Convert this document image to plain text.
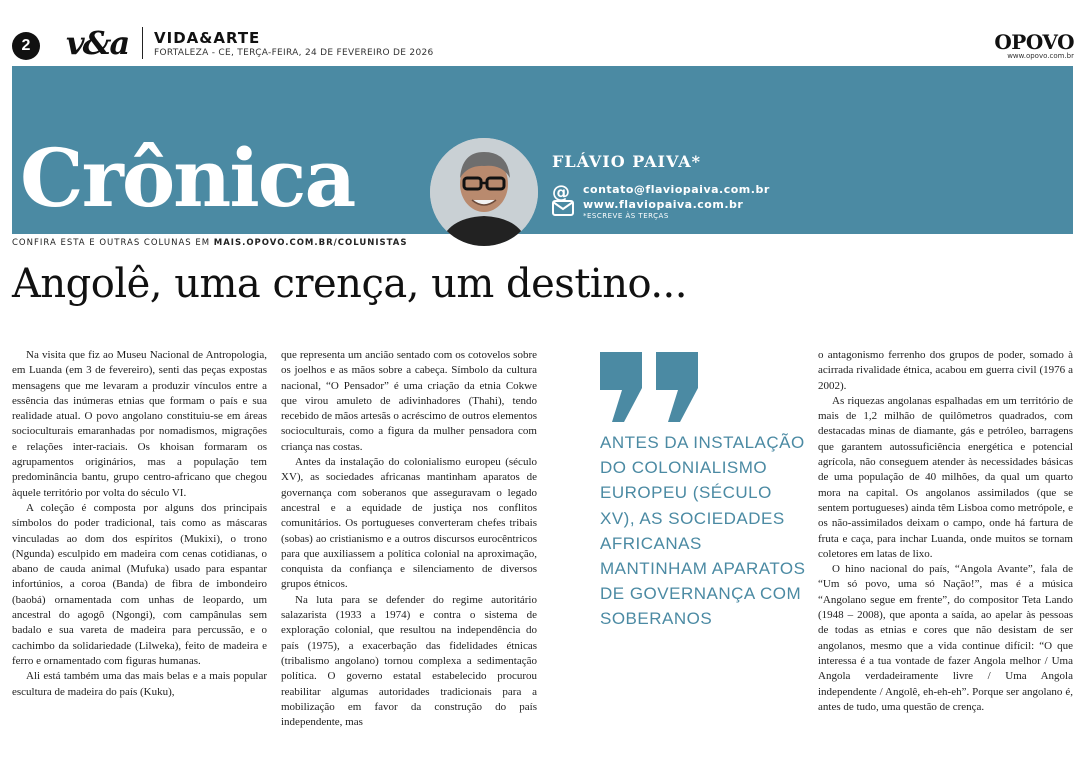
2 v&a VIDA&ARTE
FORTALEZA - CE, TERÇA-FEIRA, 24 DE FEVEREIRO DE 2026	OPOVO
www.opovo.com.br
Crônica	FLÁVIO PAIVA*
@ contato@flaviopaiva.com.br
www.flaviopaiva.com.br
*ESCREVE ÀS TERÇAS
CONFIRA ESTA E OUTRAS COLUNAS EM MAIS.OPOVO.COM.BR/COLUNISTAS
Angolê, uma crença, um destino...

Na visita que fiz ao Museu Nacional de Antropologia, em Luanda (em 3 de fevereiro), senti das peças expostas mensagens que me levaram a produzir vínculos entre a essência das inúmeras etnias que formam o país e sua realidade atual. O povo angolano constituiu-se em áreas socioculturais emaranhadas por nomadismos, migrações e relações inter-raciais. Os khoisan formaram os agrupamentos originários, mas a população tem predominância bantu, grupo centro-africano que chegou àquele território por volta do século VI.

A coleção é composta por alguns dos principais símbolos do poder tradicional, tais como as máscaras vinculadas ao dom dos espíritos (Mukixi), o trono (Ngunda) esculpido em madeira com cenas cotidianas, o abano de cauda animal (Mufuka) usado para espantar infortúnios, a coroa (Banda) de fibra de imbondeiro (baobá) ornamentada com unhas de leopardo, um ancestral do agogô (Ngongi), com campânulas sem badalo e sua vareta de madeira para percussão, e o cachimbo da solidariedade (Lilweka), feito de madeira e ferro e ornamentado com figuras humanas.

Ali está também uma das mais belas e a mais popular escultura de madeira do país (Kuku),

que representa um ancião sentado com os cotovelos sobre os joelhos e as mãos sobre a cabeça. Símbolo da cultura nacional, “O Pensador” é uma criação da etnia Cokwe que virou amuleto de adivinhadores (Thahi), tendo recebido de mãos artesãs o acréscimo de outros elementos socioculturais, como a figura da mulher pensadora com criança nas costas.

Antes da instalação do colonialismo europeu (século XV), as sociedades africanas mantinham aparatos de governança com soberanos que asseguravam o legado ancestral e a equidade de justiça nos conflitos comunitários. Os portugueses converteram chefes tribais (sobas) ao cristianismo e a outros discursos eurocêntricos para que auxiliassem a política colonial na aproximação, conquista da confiança e silenciamento de diversos grupos étnicos.

Na luta para se defender do regime autoritário salazarista (1933 a 1974) e contra o sistema de exploração colonial, que resultou na independência do país (1975), a exacerbação das fidelidades étnicas (tribalismo angolano) tornou complexa a sedimentação política. O governo estatal estabelecido procurou reabilitar algumas autoridades tradicionais para a mobilização em favor da construção do país independente, mas

ANTES DA INSTALAÇÃO DO COLONIALISMO EUROPEU (SÉCULO XV), AS SOCIEDADES AFRICANAS MANTINHAM APARATOS DE GOVERNANÇA COM SOBERANOS

o antagonismo ferrenho dos grupos de poder, somado à acirrada rivalidade étnica, acabou em guerra civil (1976 a 2002).

As riquezas angolanas espalhadas em um território de mais de 1,2 milhão de quilômetros quadrados, com destacadas minas de diamante, gás e petróleo, barragens que garantem autossuficiência energética e potencial agrícola, não conseguem atender às necessidades básicas de uma população de 40 milhões, da qual um quarto mora na capital. Os angolanos assimilados (que se sentem portugueses) ainda têm Lisboa como metrópole, e os não-assimilados deixam o campo, onde há fartura de fruta e caça, para inchar Luanda, onde muitos se tornam coletores em latas de lixo.

O hino nacional do país, “Angola Avante”, fala de “Um só povo, uma só Nação!”, mas é a música “Angolano segue em frente”, do compositor Teta Lando (1948 – 2008), que aponta a saída, ao apelar às pessoas de todas as etnias e cores que não desistam de ser angolanos, mesmo que a vida continue difícil: “O que interessa é a tua vontade de fazer Angola melhor / Uma Angola verdadeiramente livre / Uma Angola independente / Angolê, eh-eh-eh”. Porque ser angolano é, antes de tudo, uma questão de crença.
